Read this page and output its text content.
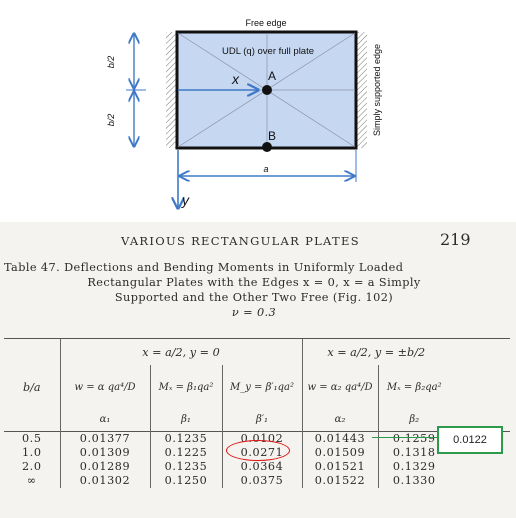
Free edge
UDL (q) over full plate	Simply supported edge
A
B
x
y
a
b/2
b/2
VARIOUS RECTANGULAR PLATES	219
Table 47. Deflections and Bending Moments in Uniformly Loaded
Rectangular Plates with the Edges x = 0, x = a Simply
Supported and the Other Two Free (Fig. 102)
ν = 0.3

	x = a/2, y = 0			x = a/2, y = ±b/2		
b/a	w = α qa⁴/D	Mₓ = β₁qa²	M_y = β′₁qa²	w = α₂ qa⁴/D	Mₓ = β₂qa²	
	α₁	β₁	β′₁	α₂	β₂	

0.5	0.01377	0.1235	0.0102	0.01443	0.1259	
1.0	0.01309	0.1225	0.0271	0.01509	0.1318	
2.0	0.01289	0.1235	0.0364	0.01521	0.1329	
∞	0.01302	0.1250	0.0375	0.01522	0.1330	
0.0122
